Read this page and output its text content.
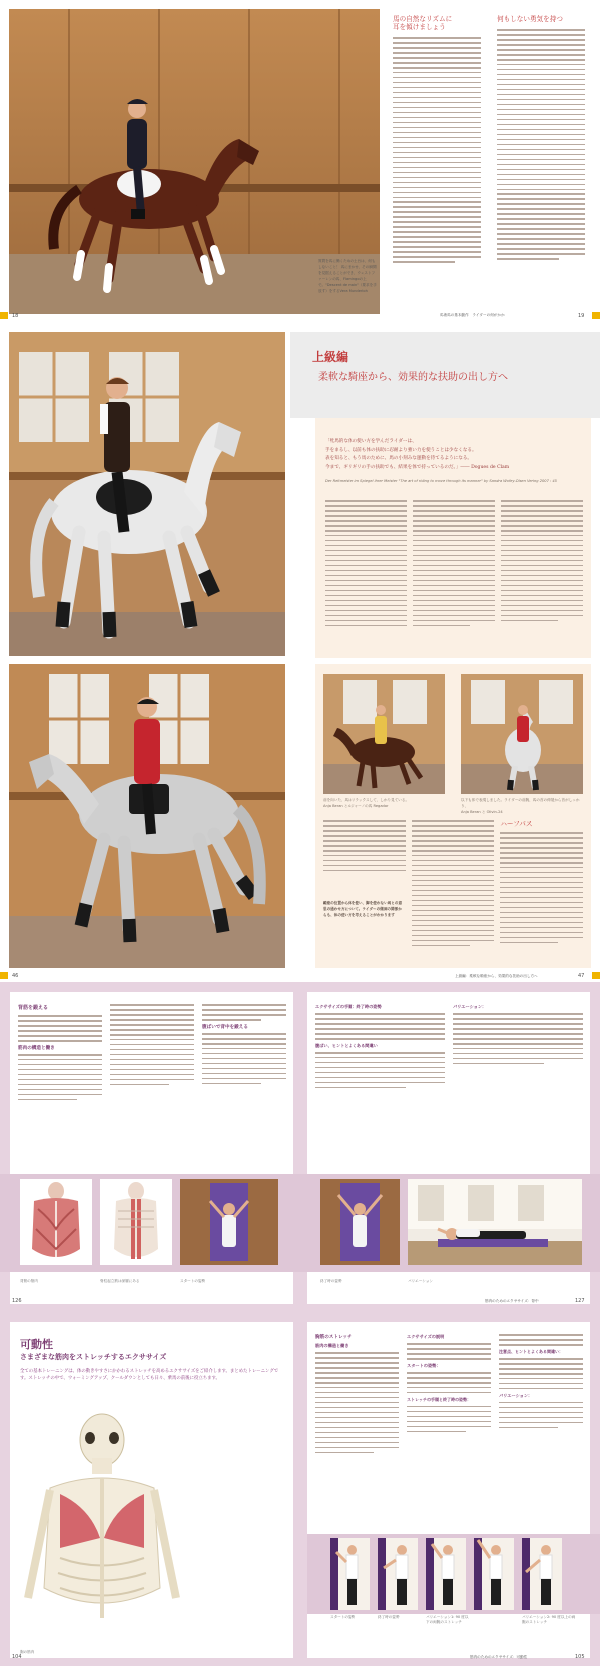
質問を馬に働くための土台は、何もしないこと！ 馬にまかせ、その瞬間を見据えることができ、ウェストファーレンの馬、Flamingoの上で。"Descent de main"（要求を手放す）をするVera Munderloh
馬の自然なリズムに
耳を傾けましょう
何もしない勇気を持つ
18	馬術馬の基本動作　ライダーの何がかか	19
上級編
柔軟な騎座から、効果的な扶助の出し方へ
「牝馬的な体の使い方を学んだライダーは、
手をまるし、以前も体の扶助に忍耐より強い力を使うことは少なくなる。
表を知ると、もう馬のために、馬の小刻みな運動を待てるようになる。
今まで、ギリギリの手の扶助でも、結果を体で持っているのだ。」―― Dogues de Clam
Der Reitmeister im Spiegel ihrer Meister "The art of riding to move through its manner" by Sandra Wofey-Olsen Vering 2007 : 45
前を向いた、馬はリラックスして、しかり見ている。
Anja Beran とルジャーノの馬 Regador
以下も体で表現しました。ライダーの前腕、馬の首の伸展から首がしっかり、
Anja Beran と Olivin-24
ハーフパス
騎座の位置から体を使い、脚を使わない馬との意思の通わせ方について。ライダーの側面の関係からも、体の使い方を考えることがわかります
46	上級編：柔軟な騎座から、効果的な扶助の出し方へ	47
背筋を鍛える
筋肉の構造と働き
腹ばいで背中を鍛える
エクササイズの手順：終了時の姿勢
腹ばい、ヒントとよくある間違い
バリエーション：
背筋の筋肉	脊柱起立筋は深層にある	スタートの姿勢	終了時の姿勢	バリエーション
126	筋肉のためのエクササイズ：背中	127
可動性
さまざまな筋肉をストレッチするエクササイズ
全ての基本トレーニングは、体の動きやすさにかかわるストレッチを高めるエクササイズをご紹介します。まとめたトレーニングです。ストレッチの中で、ウォーミングアップ、クールダウンとしても日々、乗馬の前後に役立ちます。
胸の筋肉
胸筋のストレッチ
筋肉の構造と働き
エクササイズの説明
スタートの姿勢：
ストレッチの手順と終了時の姿勢：
注意点、ヒントとよくある間違い：
バリエーション：
スタートの姿勢	終了時の姿勢	バリエーション1: 90 度以下の両腕のストレッチ
バリエーション2: 90 度以上の両腕のストレッチ
104	筋肉のためのエクササイズ：可動性	105
